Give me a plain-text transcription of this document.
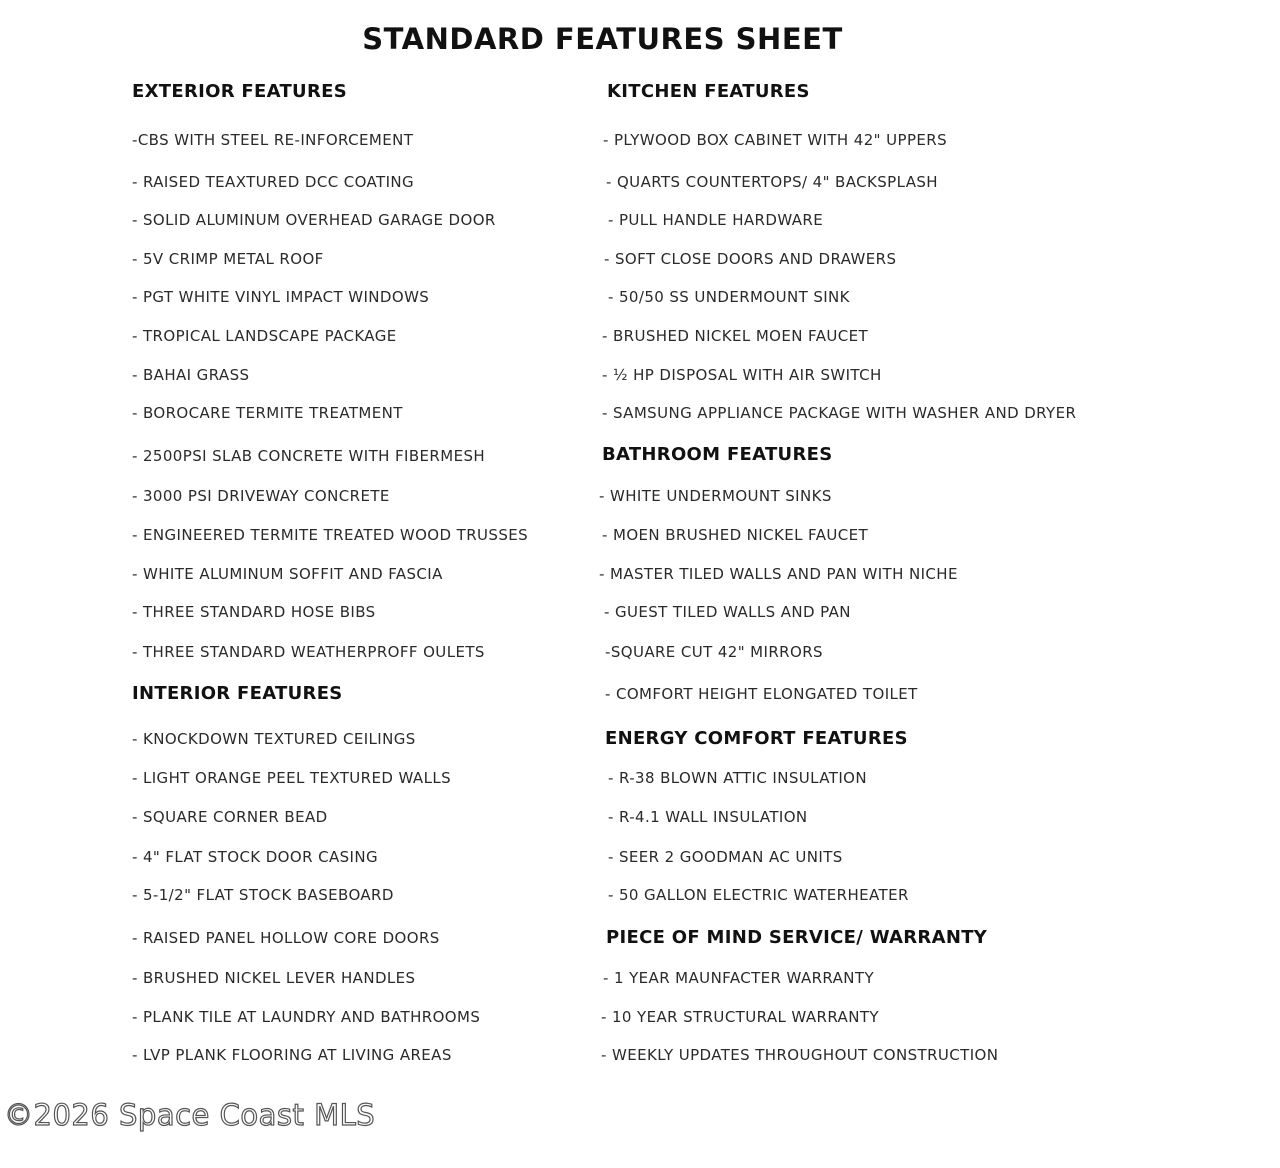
STANDARD FEATURES SHEET
EXTERIOR FEATURES
-CBS WITH STEEL RE-INFORCEMENT
- RAISED TEAXTURED DCC COATING
- SOLID ALUMINUM OVERHEAD GARAGE DOOR
- 5V CRIMP METAL ROOF
- PGT WHITE VINYL IMPACT WINDOWS
- TROPICAL LANDSCAPE PACKAGE
- BAHAI GRASS
- BOROCARE TERMITE TREATMENT
- 2500PSI SLAB CONCRETE WITH FIBERMESH
- 3000 PSI DRIVEWAY CONCRETE
- ENGINEERED TERMITE TREATED WOOD TRUSSES
- WHITE ALUMINUM SOFFIT AND FASCIA
- THREE STANDARD HOSE BIBS
- THREE STANDARD WEATHERPROFF OULETS
INTERIOR FEATURES
- KNOCKDOWN TEXTURED CEILINGS
- LIGHT ORANGE PEEL TEXTURED WALLS
- SQUARE CORNER BEAD
- 4" FLAT STOCK DOOR CASING
- 5-1/2" FLAT STOCK BASEBOARD
- RAISED PANEL HOLLOW CORE DOORS
- BRUSHED NICKEL LEVER HANDLES
- PLANK TILE AT LAUNDRY AND BATHROOMS
- LVP PLANK FLOORING AT LIVING AREAS
KITCHEN FEATURES
- PLYWOOD BOX CABINET WITH 42" UPPERS
- QUARTS COUNTERTOPS/ 4" BACKSPLASH
- PULL HANDLE HARDWARE
- SOFT CLOSE DOORS AND DRAWERS
- 50/50 SS UNDERMOUNT SINK
- BRUSHED NICKEL MOEN FAUCET
- ½ HP DISPOSAL WITH AIR SWITCH
- SAMSUNG APPLIANCE PACKAGE WITH WASHER AND DRYER
BATHROOM FEATURES
- WHITE UNDERMOUNT SINKS
- MOEN BRUSHED NICKEL FAUCET
- MASTER TILED WALLS AND PAN WITH NICHE
- GUEST TILED WALLS AND PAN
-SQUARE CUT 42" MIRRORS
- COMFORT HEIGHT ELONGATED TOILET
ENERGY COMFORT FEATURES
- R-38 BLOWN ATTIC INSULATION
- R-4.1 WALL INSULATION
- SEER 2 GOODMAN AC UNITS
- 50 GALLON ELECTRIC WATERHEATER
PIECE OF MIND SERVICE/ WARRANTY
- 1 YEAR MAUNFACTER WARRANTY
- 10 YEAR STRUCTURAL WARRANTY
- WEEKLY UPDATES THROUGHOUT CONSTRUCTION
©2026 Space Coast MLS
